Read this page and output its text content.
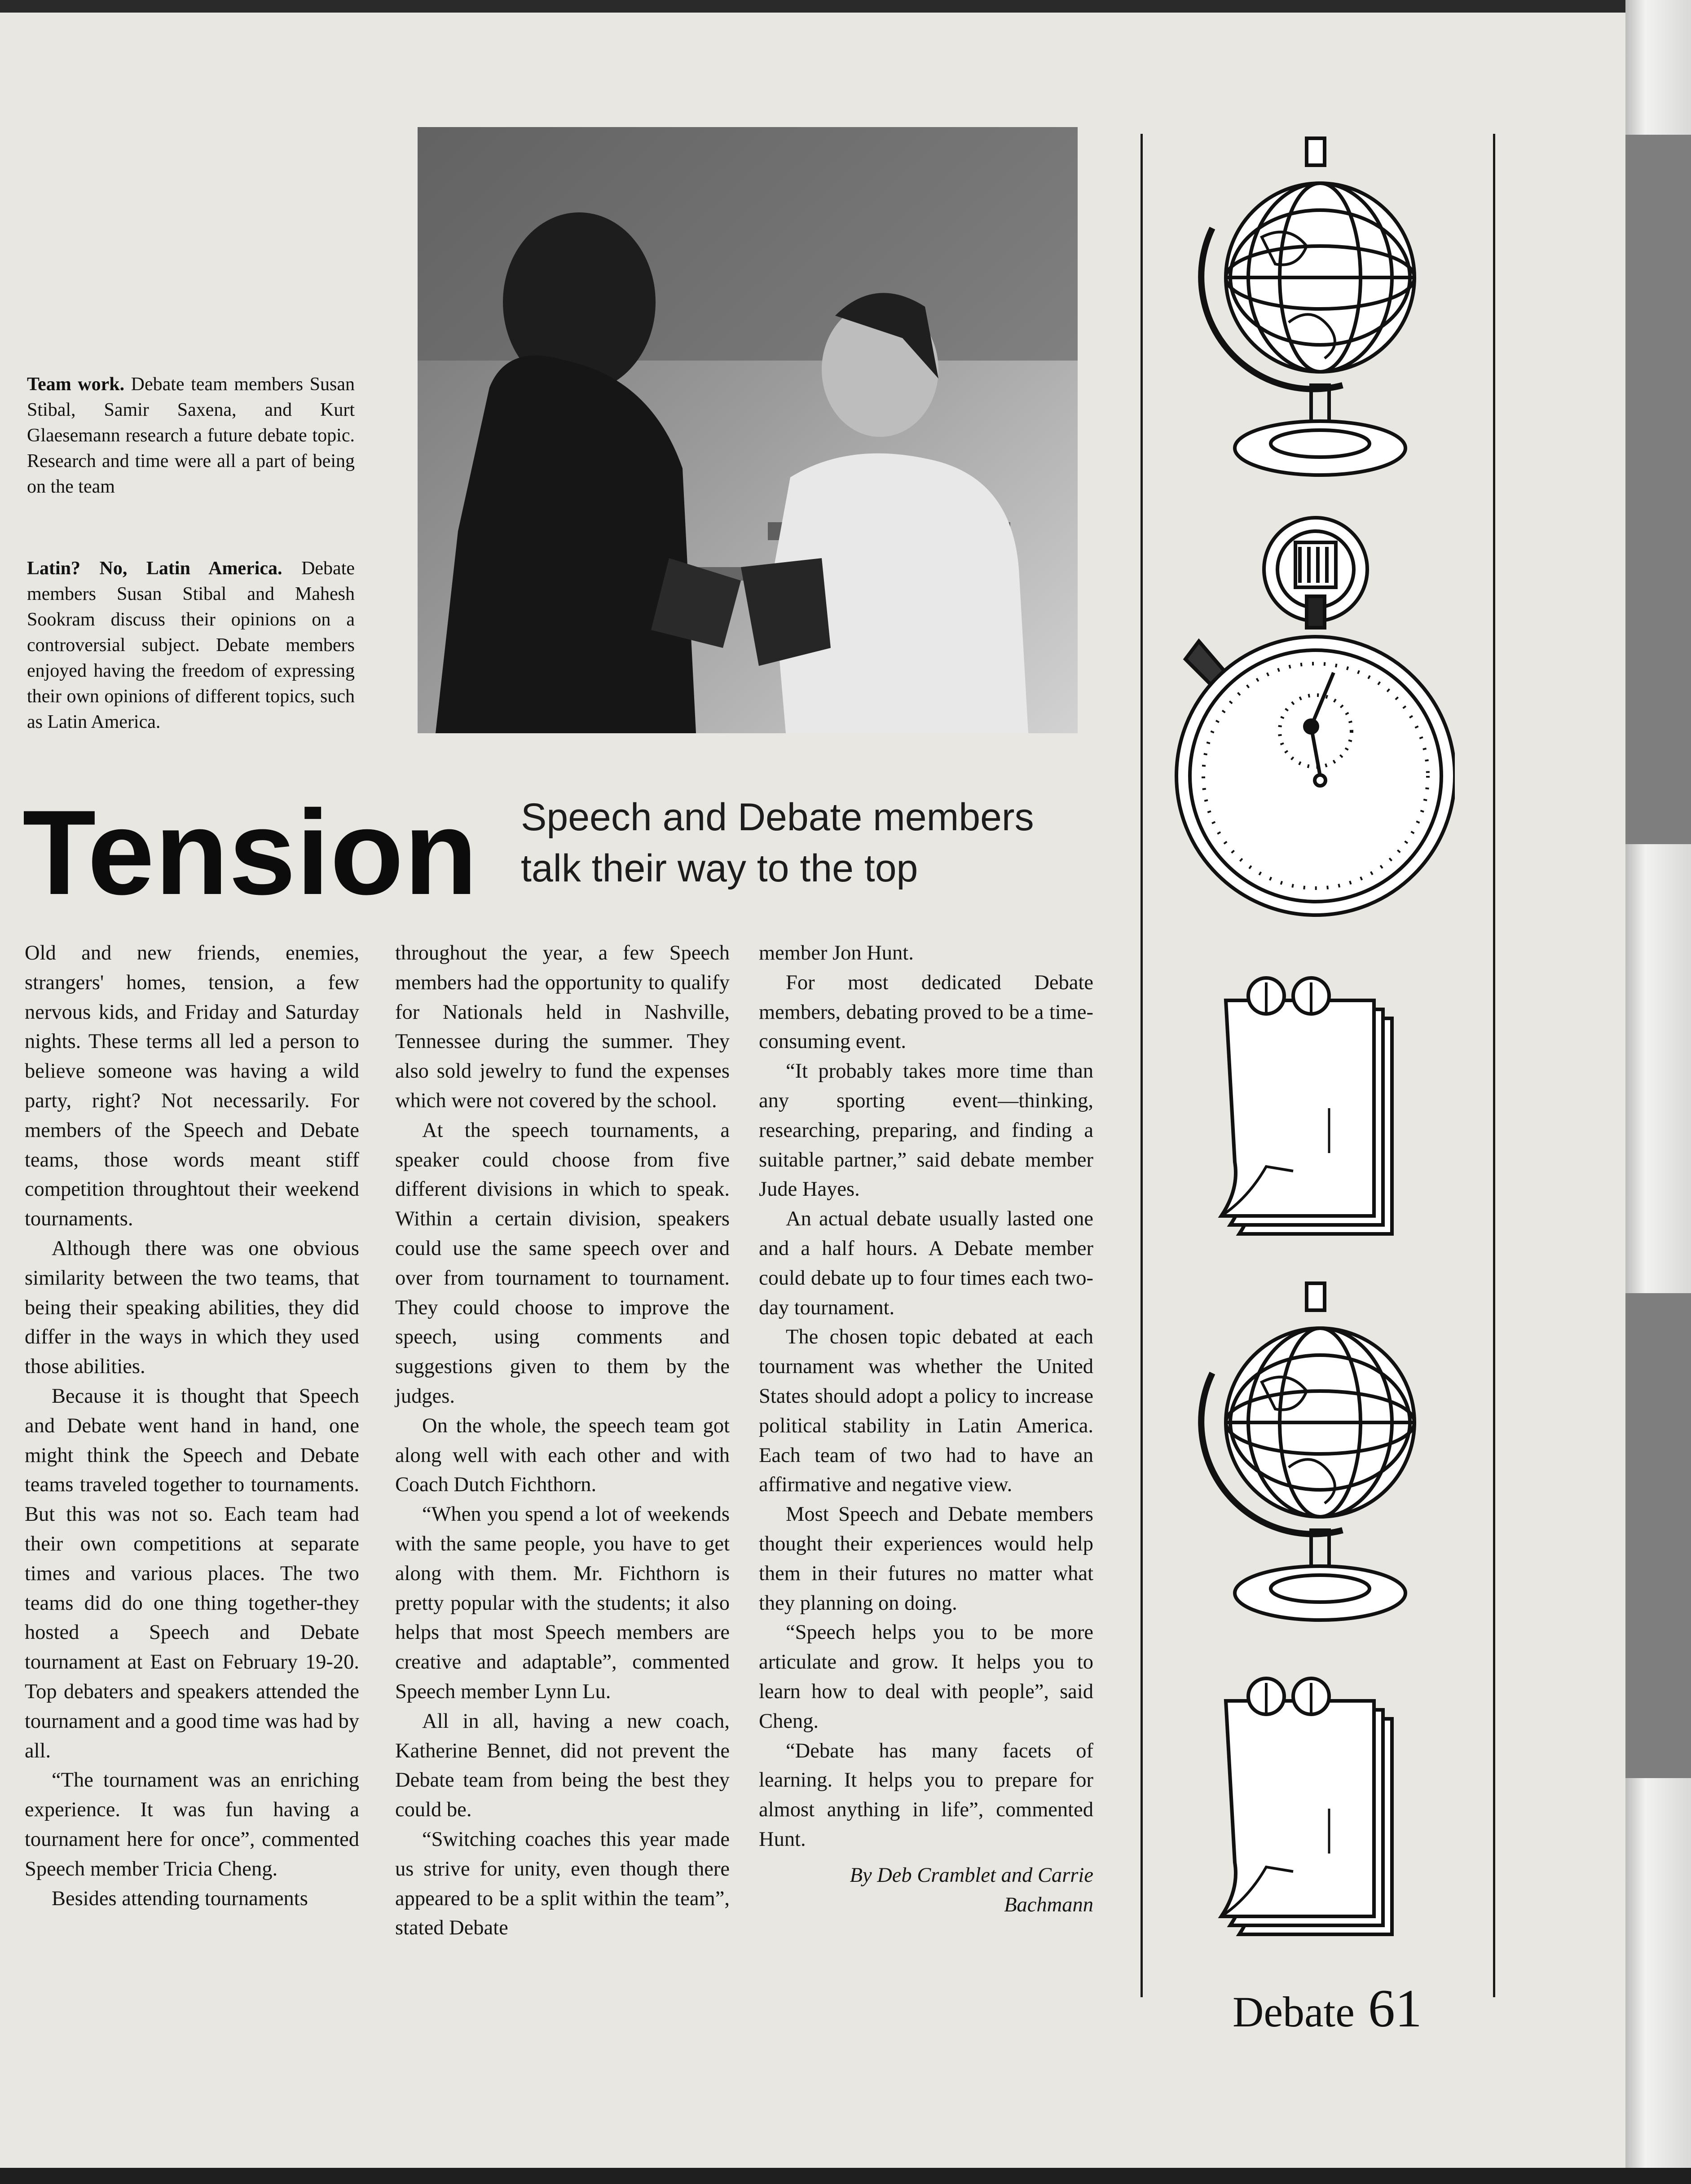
Team work. Debate team members Susan Stibal, Samir Saxena, and Kurt Glaesemann research a future debate topic. Research and time were all a part of being on the team
Latin? No, Latin America. Debate members Susan Stibal and Mahesh Sookram discuss their opinions on a controversial subject. Debate members enjoyed having the freedom of expressing their own opinions of different topics, such as Latin America.
Tension Speech and Debate members
talk their way to the top

Old and new friends, enemies, strangers' homes, tension, a few nervous kids, and Friday and Saturday nights. These terms all led a person to believe someone was having a wild party, right? Not necessarily. For members of the Speech and Debate teams, those words meant stiff competition throughtout their weekend tournaments.

Although there was one obvious similarity between the two teams, that being their speaking abilities, they did differ in the ways in which they used those abilities.

Because it is thought that Speech and Debate went hand in hand, one might think the Speech and Debate teams traveled together to tournaments. But this was not so. Each team had their own competitions at separate times and various places. The two teams did do one thing together-they hosted a Speech and Debate tournament at East on February 19-20. Top debaters and speakers attended the tournament and a good time was had by all.

“The tournament was an enriching experience. It was fun having a tournament here for once”, commented Speech member Tricia Cheng.

Besides attending tournaments

throughout the year, a few Speech members had the opportunity to qualify for Nationals held in Nashville, Tennessee during the summer. They also sold jewelry to fund the expenses which were not covered by the school.

At the speech tournaments, a speaker could choose from five different divisions in which to speak. Within a certain division, speakers could use the same speech over and over from tournament to tournament. They could choose to improve the speech, using comments and suggestions given to them by the judges.

On the whole, the speech team got along well with each other and with Coach Dutch Fichthorn.

“When you spend a lot of weekends with the same people, you have to get along with them. Mr. Fichthorn is pretty popular with the students; it also helps that most Speech members are creative and adaptable”, commented Speech member Lynn Lu.

All in all, having a new coach, Katherine Bennet, did not prevent the Debate team from being the best they could be.

“Switching coaches this year made us strive for unity, even though there appeared to be a split within the team”, stated Debate

member Jon Hunt.

For most dedicated Debate members, debating proved to be a time-consuming event.

“It probably takes more time than any sporting event—thinking, researching, preparing, and finding a suitable partner,” said debate member Jude Hayes.

An actual debate usually lasted one and a half hours. A Debate member could debate up to four times each two-day tournament.

The chosen topic debated at each tournament was whether the United States should adopt a policy to increase political stability in Latin America. Each team of two had to have an affirmative and negative view.

Most Speech and Debate members thought their experiences would help them in their futures no matter what they planning on doing.

“Speech helps you to be more articulate and grow. It helps you to learn how to deal with people”, said Cheng.

“Debate has many facets of learning. It helps you to prepare for almost anything in life”, commented Hunt.

By Deb Cramblet and Carrie Bachmann

Debate 61
